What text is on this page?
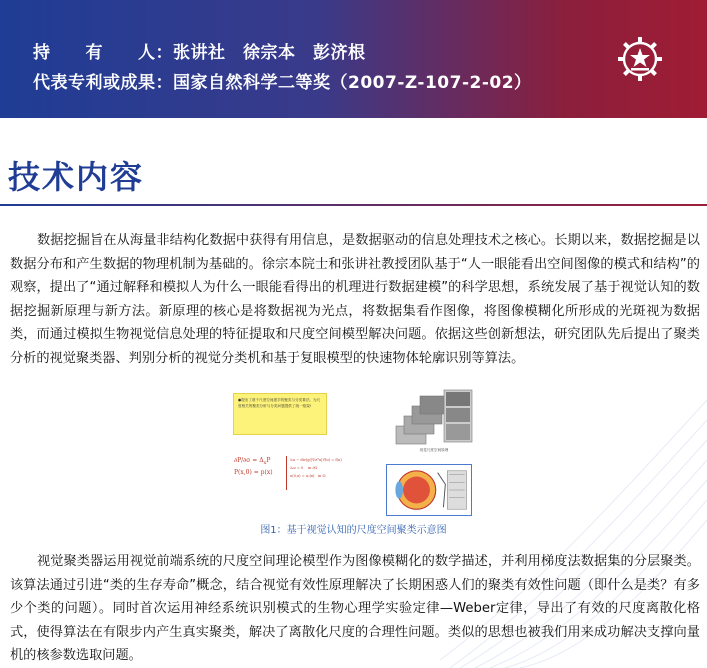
持　　有　　人：张讲社　徐宗本　彭济根
代表专利或成果：国家自然科学二等奖（2007-Z-107-2-02）
技术内容

数据挖掘旨在从海量非结构化数据中获得有用信息，是数据驱动的信息处理技术之核心。长期以来，数据挖掘是以数据分布和产生数据的物理机制为基础的。徐宗本院士和张讲社教授团队基于“人一眼能看出空间图像的模式和结构”的观察，提出了“通过解释和模拟人为什么一眼能看得出的机理进行数据建模”的科学思想，系统发展了基于视觉认知的数据挖掘新原理与新方法。新原理的核心是将数据视为光点，将数据集看作图像，将图像模糊化所形成的光斑视为数据类，而通过模拟生物视觉信息处理的特征提取和尺度空间模型解决问题。依据这些创新想法，研究团队先后提出了聚类分析的视觉聚类器、判别分析的视觉分类机和基于复眼模型的快速物体轮廓识别等算法。

●提出了基于尺度空间建手的聚类与分类算法。为尺度相关的聚类分析与分类问题提供了统一框架!
$\partial P/\partial\sigma = \Delta_xP$
P(x,0) = p(x)
∂ₜu − div(g(|∇σ*u|)∇u) = f(u)
∂ₙu = 0    in ∂Ω
u(0,x) = u₀(x)   in Ω
视觉尺度空间原理
图1：基于视觉认知的尺度空间聚类示意图

视觉聚类器运用视觉前端系统的尺度空间理论模型作为图像模糊化的数学描述，并利用梯度法数据集的分层聚类。该算法通过引进“类的生存寿命”概念，结合视觉有效性原理解决了长期困惑人们的聚类有效性问题（即什么是类？有多少个类的问题）。同时首次运用神经系统识别模式的生物心理学实验定律—Weber定律，导出了有效的尺度离散化格式，使得算法在有限步内产生真实聚类，解决了离散化尺度的合理性问题。类似的思想也被我们用来成功解决支撑向量机的核参数选取问题。
